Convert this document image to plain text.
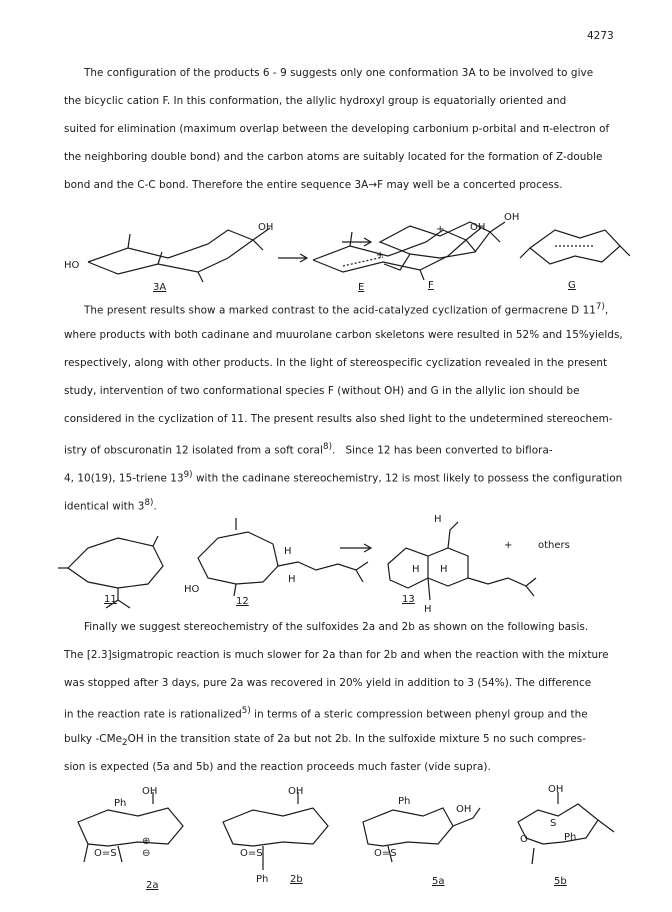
4273
The configuration of the products 6 - 9 suggests only one conformation 3A to be involved to give
the bicyclic cation F. In this conformation, the allylic hydroxyl group is equatorially oriented and
suited for elimination (maximum overlap between the developing carbonium p-orbital and π-electron of
the neighboring double bond) and the carbon atoms are suitably located for the formation of Z-double
bond and the C-C bond. Therefore the entire sequence 3A→F may well be a concerted process.
HO
OH	OH
+
3A	E
OH
+
F	G
The present results show a marked contrast to the acid-catalyzed cyclization of germacrene D 11$^{7)}$,
where products with both cadinane and muurolane carbon skeletons were resulted in 52% and 15%yields,
respectively, along with other products. In the light of stereospecific cyclization revealed in the present
study, intervention of two conformational species F (without OH) and G in the allylic ion should be
considered in the cyclization of 11. The present results also shed light to the undetermined stereochem-
istry of obscuronatin 12 isolated from a soft coral$^{8)}$.   Since 12 has been converted to biflora-
4, 10(19), 15-triene 13$^{9)}$ with the cadinane stereochemistry, 12 is most likely to possess the configuration
identical with 3$^{8)}$.
H
HO
H
H
H H
H
11	12	13
+	others
Finally we suggest stereochemistry of the sulfoxides 2a and 2b as shown on the following basis.
The [2.3]sigmatropic reaction is much slower for 2a than for 2b and when the reaction with the mixture
was stopped after 3 days, pure 2a was recovered in 20% yield in addition to 3 (54%). The difference
in the reaction rate is rationalized$^{5)}$ in terms of a steric compression between phenyl group and the
bulky -CMe$_2$OH in the transition state of 2a but not 2b. In the sulfoxide mixture 5 no such compres-
sion is expected (5a and 5b) and the reaction proceeds much faster (vide supra).
Ph
OH
O=S
OH
O=S
Ph
Ph
OH
O=S
OH
S
Ph
O
⊕
⊖
2a
2b	5a	5b
